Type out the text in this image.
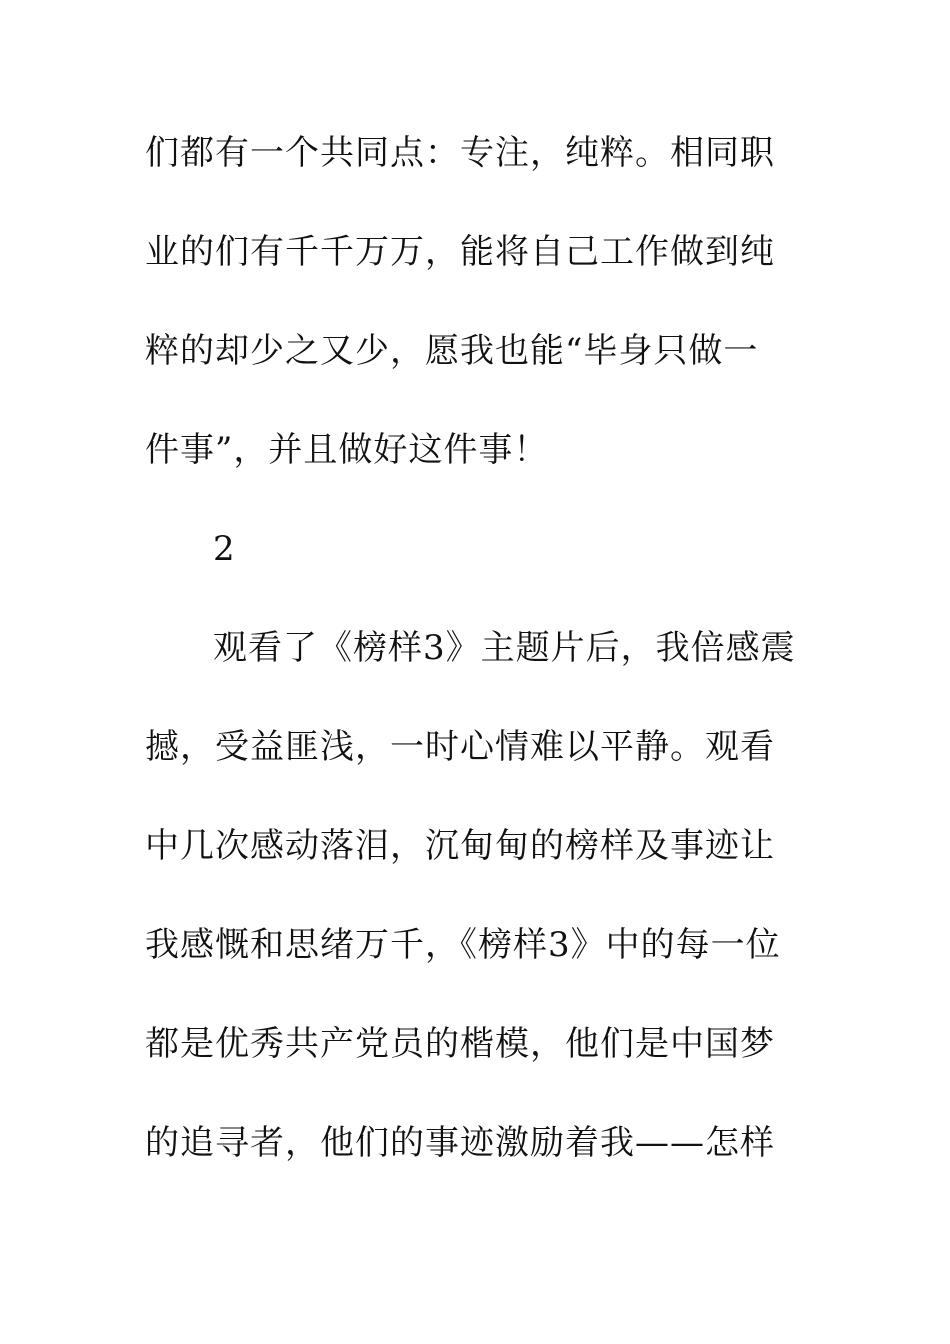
们都有一个共同点：专注，纯粹。相同职
业的们有千千万万，能将自己工作做到纯
粹的却少之又少，愿我也能“毕身只做一
件事”，并且做好这件事！
2
观看了《榜样3》主题片后，我倍感震
撼，受益匪浅，一时心情难以平静。观看
中几次感动落泪，沉甸甸的榜样及事迹让
我感慨和思绪万千，《榜样3》中的每一位
都是优秀共产党员的楷模，他们是中国梦
的追寻者，他们的事迹激励着我——怎样
